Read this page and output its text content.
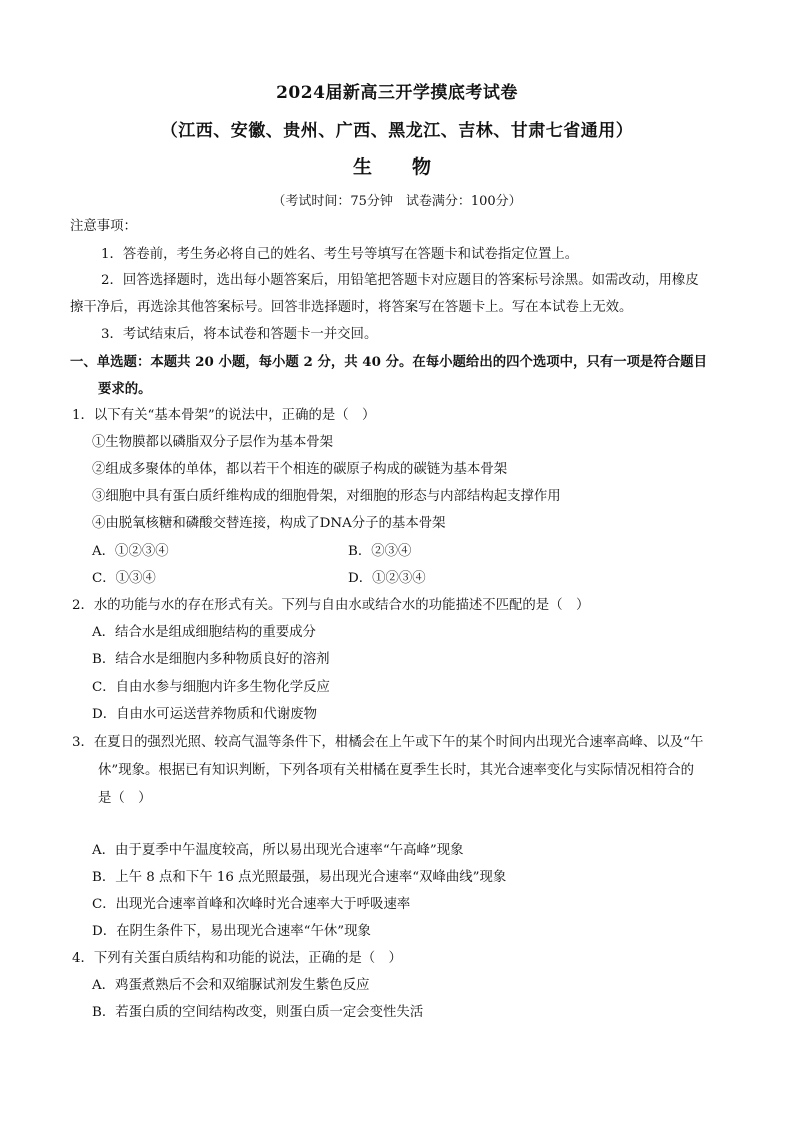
2024届新高三开学摸底考试卷
（江西、安徽、贵州、广西、黑龙江、吉林、甘肃七省通用）
生物
（考试时间：75分钟　试卷满分：100分）
注意事项：
1．答卷前，考生务必将自己的姓名、考生号等填写在答题卡和试卷指定位置上。
2．回答选择题时，选出每小题答案后，用铅笔把答题卡对应题目的答案标号涂黑。如需改动，用橡皮
擦干净后，再选涂其他答案标号。回答非选择题时，将答案写在答题卡上。写在本试卷上无效。
3．考试结束后，将本试卷和答题卡一并交回。
一、单选题：本题共 20 小题，每小题 2 分，共 40 分。在每小题给出的四个选项中，只有一项是符合题目
要求的。
1．以下有关“基本骨架”的说法中，正确的是（　）
①生物膜都以磷脂双分子层作为基本骨架
②组成多聚体的单体，都以若干个相连的碳原子构成的碳链为基本骨架
③细胞中具有蛋白质纤维构成的细胞骨架，对细胞的形态与内部结构起支撑作用
④由脱氧核糖和磷酸交替连接，构成了DNA分子的基本骨架
A．①②③④	B．②③④
C．①③④	D．①②③④
2．水的功能与水的存在形式有关。下列与自由水或结合水的功能描述不匹配的是（　）
A．结合水是组成细胞结构的重要成分
B．结合水是细胞内多种物质良好的溶剂
C．自由水参与细胞内许多生物化学反应
D．自由水可运送营养物质和代谢废物
3．在夏日的强烈光照、较高气温等条件下，柑橘会在上午或下午的某个时间内出现光合速率高峰、以及“午
休”现象。根据已有知识判断，下列各项有关柑橘在夏季生长时，其光合速率变化与实际情况相符合的
是（　）
A．由于夏季中午温度较高，所以易出现光合速率“午高峰”现象
B．上午 8 点和下午 16 点光照最强，易出现光合速率“双峰曲线”现象
C．出现光合速率首峰和次峰时光合速率大于呼吸速率
D．在阴生条件下，易出现光合速率“午休”现象
4．下列有关蛋白质结构和功能的说法，正确的是（　）
A．鸡蛋煮熟后不会和双缩脲试剂发生紫色反应
B．若蛋白质的空间结构改变，则蛋白质一定会变性失活
